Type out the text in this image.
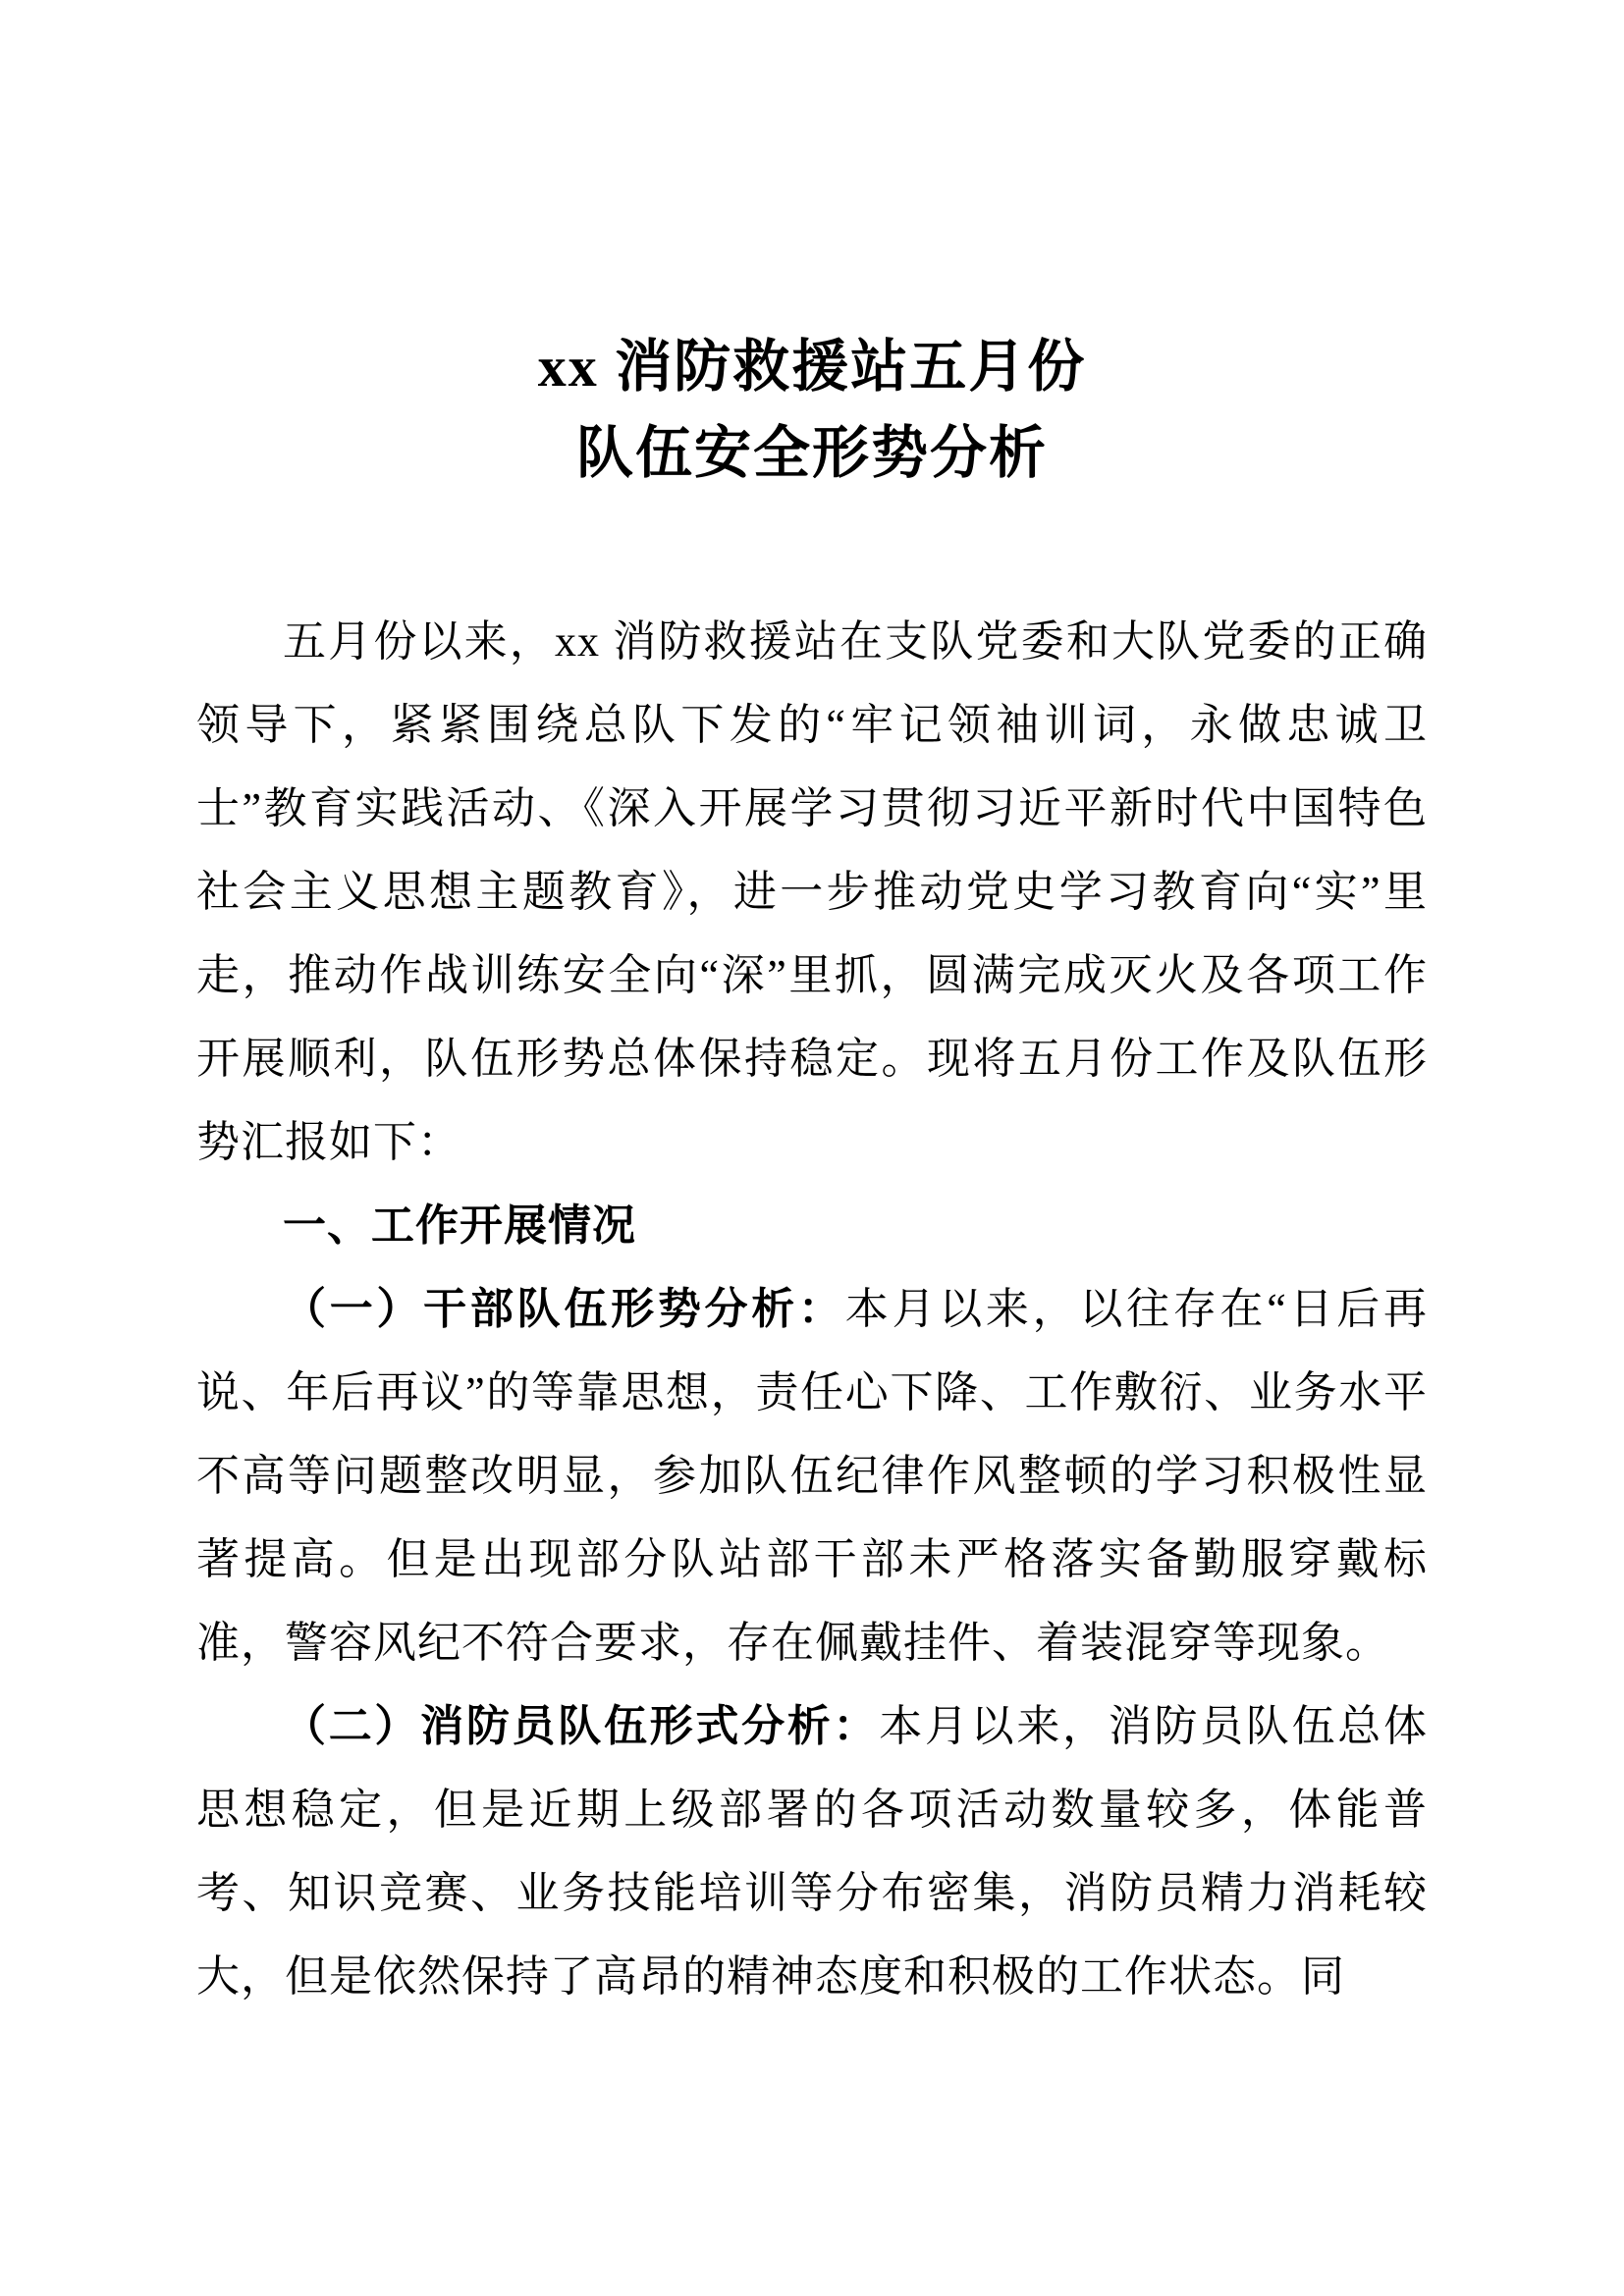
xx 消防救援站五月份
队伍安全形势分析

五月份以来，xx 消防救援站在支队党委和大队党委的正确领导下，紧紧围绕总队下发的“牢记领袖训词，永做忠诚卫士”教育实践活动、《深入开展学习贯彻习近平新时代中国特色社会主义思想主题教育》，进一步推动党史学习教育向“实”里走，推动作战训练安全向“深”里抓，圆满完成灭火及各项工作开展顺利，队伍形势总体保持稳定。现将五月份工作及队伍形势汇报如下：

一、工作开展情况

（一）干部队伍形势分析：本月以来，以往存在“日后再说、年后再议”的等靠思想，责任心下降、工作敷衍、业务水平不高等问题整改明显，参加队伍纪律作风整顿的学习积极性显著提高。但是出现部分队站部干部未严格落实备勤服穿戴标准，警容风纪不符合要求，存在佩戴挂件、着装混穿等现象。

（二）消防员队伍形式分析：本月以来，消防员队伍总体思想稳定，但是近期上级部署的各项活动数量较多，体能普考、知识竞赛、业务技能培训等分布密集，消防员精力消耗较大，但是依然保持了高昂的精神态度和积极的工作状态。同
